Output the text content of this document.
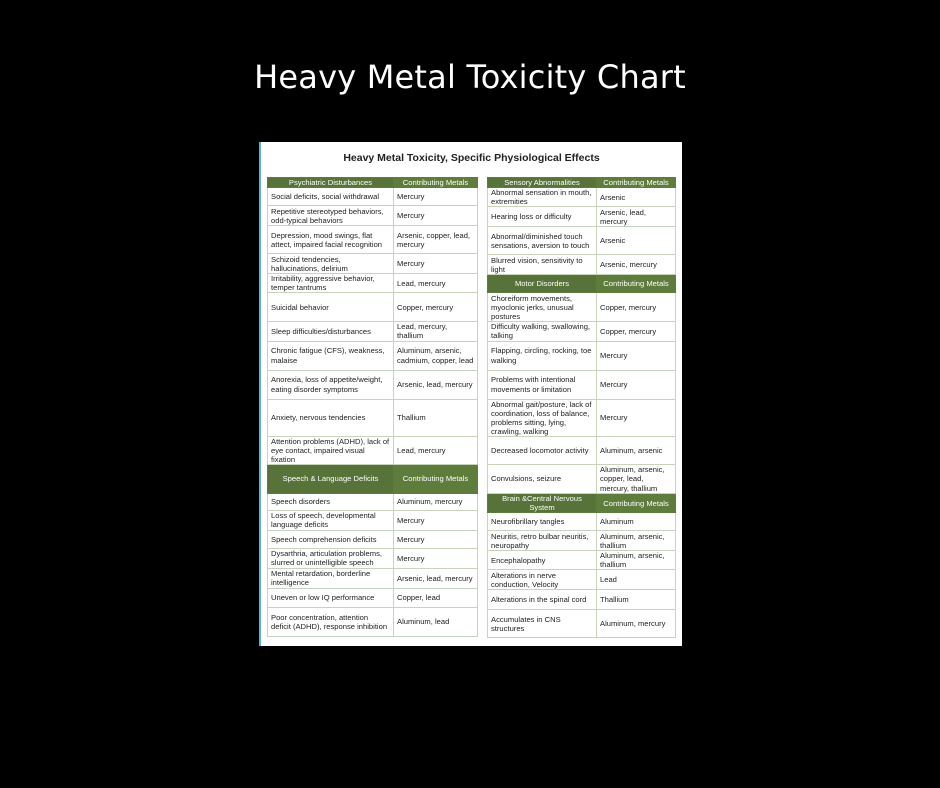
Heavy Metal Toxicity Chart
Heavy Metal Toxicity, Specific Physiological Effects
Psychiatric Disturbances	Contributing Metals
Social deficits, social withdrawal	Mercury
Repetitive stereotyped behaviors, odd-typical behaviors	Mercury
Depression, mood swings, flat attect, impaired facial recognition	Arsenic, copper, lead, mercury
Schizoid tendencies, hallucinations, delirium	Mercury
Irritability, aggressive behavior, temper tantrums	Lead, mercury
Suicidal behavior	Copper, mercury
Sleep difficulties/disturbances	Lead, mercury, thallium
Chronic fatigue (CFS), weakness, malaise	Aluminum, arsenic, cadmium, copper, lead
Anorexia, loss of appetite/weight, eating disorder symptoms	Arsenic, lead, mercury
Anxiety, nervous tendencies	Thallium
Attention problems (ADHD), lack of eye contact, impaired visual fixation	Lead, mercury
Speech & Language Deficits	Contributing Metals
Speech disorders	Aluminum, mercury
Loss of speech, developmental language deficits	Mercury
Speech comprehension deficits	Mercury
Dysarthria, articulation problems, slurred or unintelligible speech	Mercury
Mental retardation, borderline intelligence	Arsenic, lead, mercury
Uneven or low IQ performance	Copper, lead
Poor concentration, attention deficit (ADHD), response inhibition	Aluminum, lead
Sensory Abnormalities	Contributing Metals
Abnormal sensation in mouth, extremities	Arsenic
Hearing loss or difficulty	Arsenic, lead, mercury
Abnormal/diminished touch sensations, aversion to touch	Arsenic
Blurred vision, sensitivity to light	Arsenic, mercury
Motor Disorders	Contributing Metals
Choreiform movements, myoclonic jerks, unusual postures	Copper, mercury
Difficulty walking, swallowing, talking	Copper, mercury
Flapping, circling, rocking, toe walking	Mercury
Problems with intentional movements or limitation	Mercury
Abnormal gait/posture, lack of coordination, loss of balance, problems sitting, lying, crawling, walking	Mercury
Decreased locomotor activity	Aluminum, arsenic
Convulsions, seizure	Aluminum, arsenic, copper, lead, mercury, thallium
Brain &Central Nervous System	Contributing Metals
Neurofibrillary tangles	Aluminum
Neuritis, retro bulbar neuritis, neuropathy	Aluminum, arsenic, thallium
Encephalopathy	Aluminum, arsenic, thallium
Alterations in nerve conduction, Velocity	Lead
Alterations in the spinal cord	Thallium
Accumulates in CNS structures	Aluminum, mercury
